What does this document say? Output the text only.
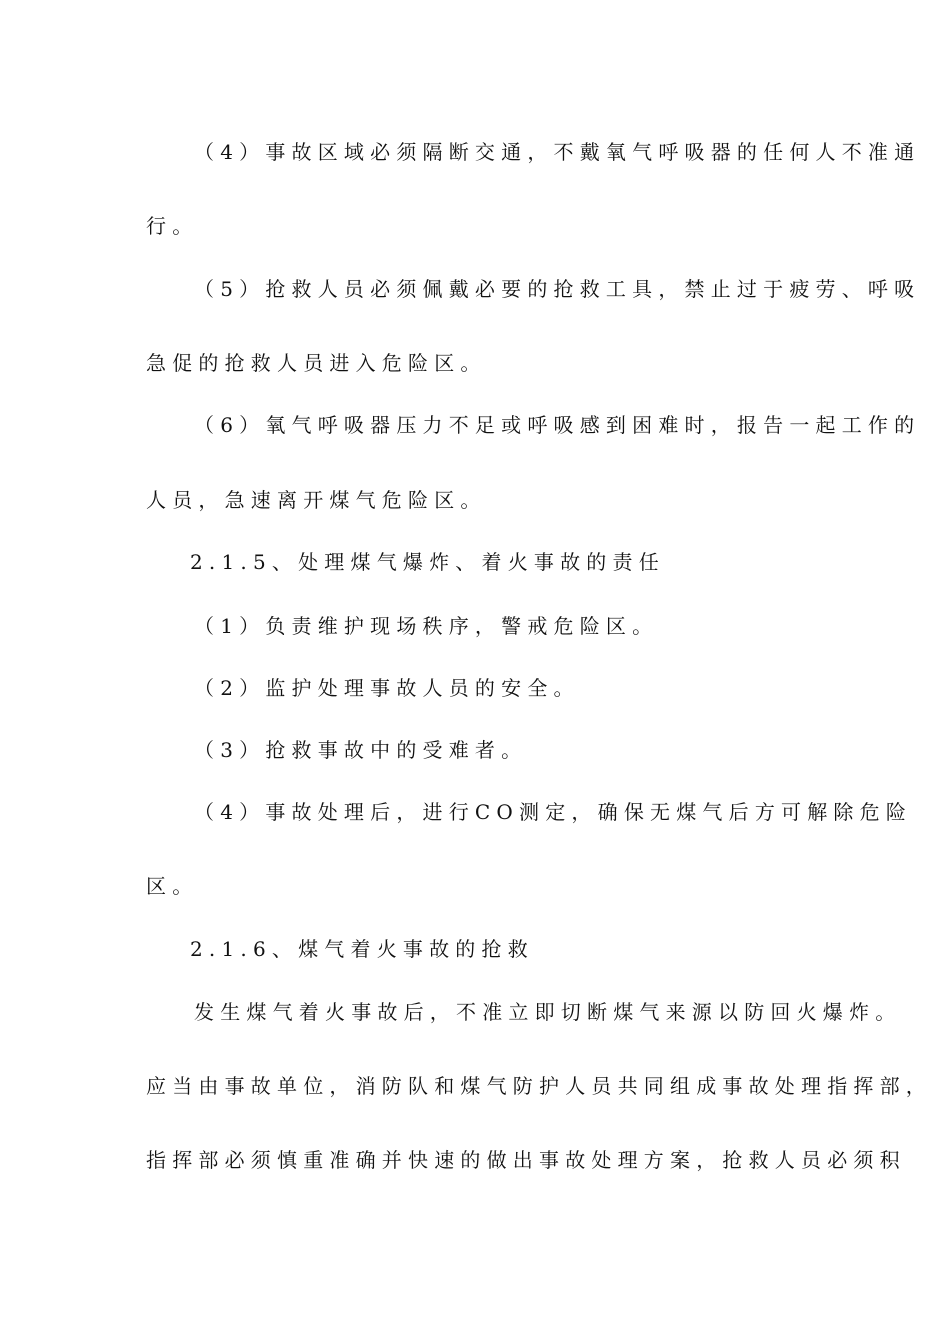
（4）事故区域必须隔断交通，不戴氧气呼吸器的任何人不准通
行。
（5）抢救人员必须佩戴必要的抢救工具，禁止过于疲劳、呼吸
急促的抢救人员进入危险区。
（6）氧气呼吸器压力不足或呼吸感到困难时，报告一起工作的
人员，急速离开煤气危险区。
2.1.5、处理煤气爆炸、着火事故的责任
（1）负责维护现场秩序，警戒危险区。
（2）监护处理事故人员的安全。
（3）抢救事故中的受难者。
（4）事故处理后，进行CO测定，确保无煤气后方可解除危险
区。
2.1.6、煤气着火事故的抢救
发生煤气着火事故后，不准立即切断煤气来源以防回火爆炸。
应当由事故单位，消防队和煤气防护人员共同组成事故处理指挥部，
指挥部必须慎重准确并快速的做出事故处理方案，抢救人员必须积
